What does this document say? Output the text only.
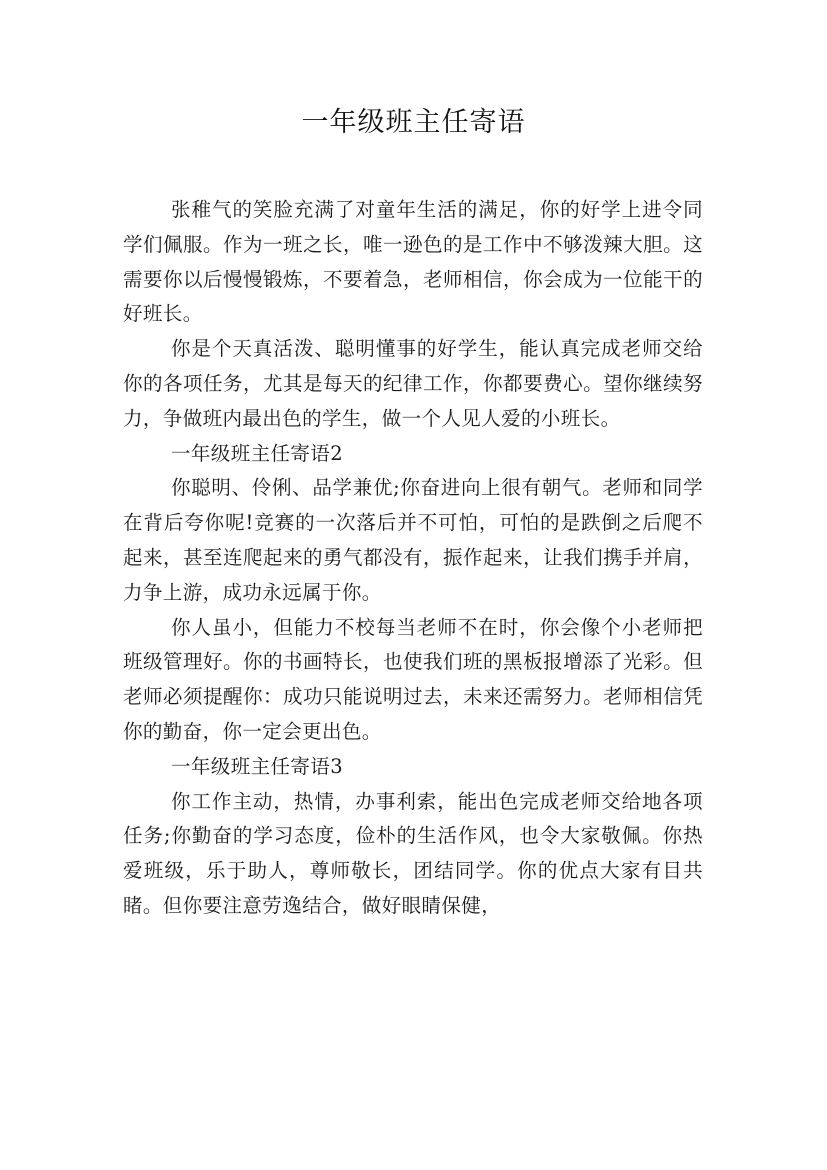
一年级班主任寄语

张稚气的笑脸充满了对童年生活的满足，你的好学上进令同学们佩服。作为一班之长，唯一逊色的是工作中不够泼辣大胆。这需要你以后慢慢锻炼，不要着急，老师相信，你会成为一位能干的好班长。

你是个天真活泼、聪明懂事的好学生，能认真完成老师交给你的各项任务，尤其是每天的纪律工作，你都要费心。望你继续努力，争做班内最出色的学生，做一个人见人爱的小班长。

一年级班主任寄语2

你聪明、伶俐、品学兼优;你奋进向上很有朝气。老师和同学在背后夸你呢!竞赛的一次落后并不可怕，可怕的是跌倒之后爬不起来，甚至连爬起来的勇气都没有，振作起来，让我们携手并肩，力争上游，成功永远属于你。

你人虽小，但能力不校每当老师不在时，你会像个小老师把班级管理好。你的书画特长，也使我们班的黑板报增添了光彩。但老师必须提醒你：成功只能说明过去，未来还需努力。老师相信凭你的勤奋，你一定会更出色。

一年级班主任寄语3

你工作主动，热情，办事利索，能出色完成老师交给地各项任务;你勤奋的学习态度，俭朴的生活作风，也令大家敬佩。你热爱班级，乐于助人，尊师敬长，团结同学。你的优点大家有目共睹。但你要注意劳逸结合，做好眼睛保健，
